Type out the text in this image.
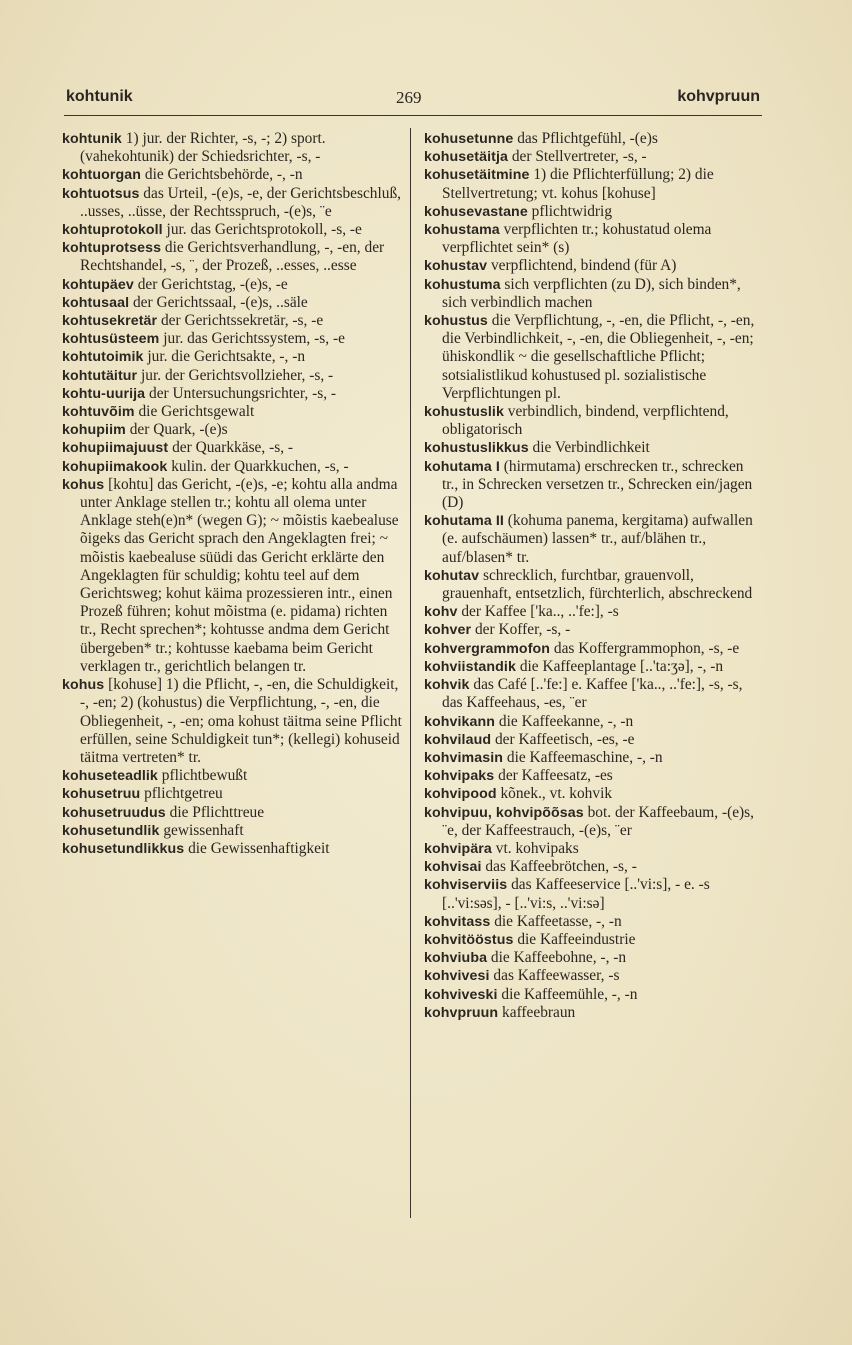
kohtunik	269	kohvpruun

kohtunik 1) jur. der Richter, -s, -; 2) sport. (vahekohtunik) der Schiedsrichter, -s, -

kohtuorgan die Gerichtsbehörde, -, -n

kohtuotsus das Urteil, -(e)s, -e, der Gerichtsbeschluß, ..usses, ..üsse, der Rechtsspruch, -(e)s, ¨e

kohtuprotokoll jur. das Gerichtsprotokoll, -s, -e

kohtuprotsess die Gerichtsverhandlung, -, -en, der Rechtshandel, -s, ¨, der Prozeß, ..esses, ..esse

kohtupäev der Gerichtstag, -(e)s, -e

kohtusaal der Gerichtssaal, -(e)s, ..säle

kohtusekretär der Gerichtssekretär, -s, -e

kohtusüsteem jur. das Gerichtssystem, -s, -e

kohtutoimik jur. die Gerichtsakte, -, -n

kohtutäitur jur. der Gerichtsvollzieher, -s, -

kohtu-uurija der Untersuchungsrichter, -s, -

kohtuvõim die Gerichtsgewalt

kohupiim der Quark, -(e)s

kohupiimajuust der Quarkkäse, -s, -

kohupiimakook kulin. der Quarkkuchen, -s, -

kohus [kohtu] das Gericht, -(e)s, -e; kohtu alla andma unter Anklage stellen tr.; kohtu all olema unter Anklage steh(e)n* (wegen G); ~ mõistis kaebealuse õigeks das Gericht sprach den Angeklagten frei; ~ mõistis kaebealuse süüdi das Gericht erklärte den Angeklagten für schuldig; kohtu teel auf dem Gerichtsweg; kohut käima prozessieren intr., einen Prozeß führen; kohut mõistma (e. pidama) richten tr., Recht sprechen*; kohtusse andma dem Gericht übergeben* tr.; kohtusse kaebama beim Gericht verklagen tr., gerichtlich belangen tr.

kohus [kohuse] 1) die Pflicht, -, -en, die Schuldigkeit, -, -en; 2) (kohustus) die Verpflichtung, -, -en, die Obliegenheit, -, -en; oma kohust täitma seine Pflicht erfüllen, seine Schuldigkeit tun*; (kellegi) kohuseid täitma vertreten* tr.

kohuseteadlik pflichtbewußt

kohusetruu pflichtgetreu

kohusetruudus die Pflichttreue

kohusetundlik gewissenhaft

kohusetundlikkus die Gewissenhaftigkeit

kohusetunne das Pflichtgefühl, -(e)s

kohusetäitja der Stellvertreter, -s, -

kohusetäitmine 1) die Pflichterfüllung; 2) die Stellvertretung; vt. kohus [kohuse]

kohusevastane pflichtwidrig

kohustama verpflichten tr.; kohustatud olema verpflichtet sein* (s)

kohustav verpflichtend, bindend (für A)

kohustuma sich verpflichten (zu D), sich binden*, sich verbindlich machen

kohustus die Verpflichtung, -, -en, die Pflicht, -, -en, die Verbindlichkeit, -, -en, die Obliegenheit, -, -en; ühiskondlik ~ die gesellschaftliche Pflicht; sotsialistlikud kohustused pl. sozialistische Verpflichtungen pl.

kohustuslik verbindlich, bindend, verpflichtend, obligatorisch

kohustuslikkus die Verbindlichkeit

kohutama I (hirmutama) erschrecken tr., schrecken tr., in Schrecken versetzen tr., Schrecken ein/jagen (D)

kohutama II (kohuma panema, kergitama) aufwallen (e. aufschäumen) lassen* tr., auf/blähen tr., auf/blasen* tr.

kohutav schrecklich, furchtbar, grauenvoll, grauenhaft, entsetzlich, fürchterlich, abschreckend

kohv der Kaffee ['ka.., ..'fe:], -s

kohver der Koffer, -s, -

kohvergrammofon das Koffergrammophon, -s, -e

kohviistandik die Kaffeeplantage [..'ta:ʒə], -, -n

kohvik das Café [..'fe:] e. Kaffee ['ka.., ..'fe:], -s, -s, das Kaffeehaus, -es, ¨er

kohvikann die Kaffeekanne, -, -n

kohvilaud der Kaffeetisch, -es, -e

kohvimasin die Kaffeemaschine, -, -n

kohvipaks der Kaffeesatz, -es

kohvipood kõnek., vt. kohvik

kohvipuu, kohvipõõsas bot. der Kaffeebaum, -(e)s, ¨e, der Kaffeestrauch, -(e)s, ¨er

kohvipära vt. kohvipaks

kohvisai das Kaffeebrötchen, -s, -

kohviserviis das Kaffeeservice [..'vi:s], - e. -s [..'vi:səs], - [..'vi:s, ..'vi:sə]

kohvitass die Kaffeetasse, -, -n

kohvitööstus die Kaffeeindustrie

kohviuba die Kaffeebohne, -, -n

kohvivesi das Kaffeewasser, -s

kohviveski die Kaffeemühle, -, -n

kohvpruun kaffeebraun
